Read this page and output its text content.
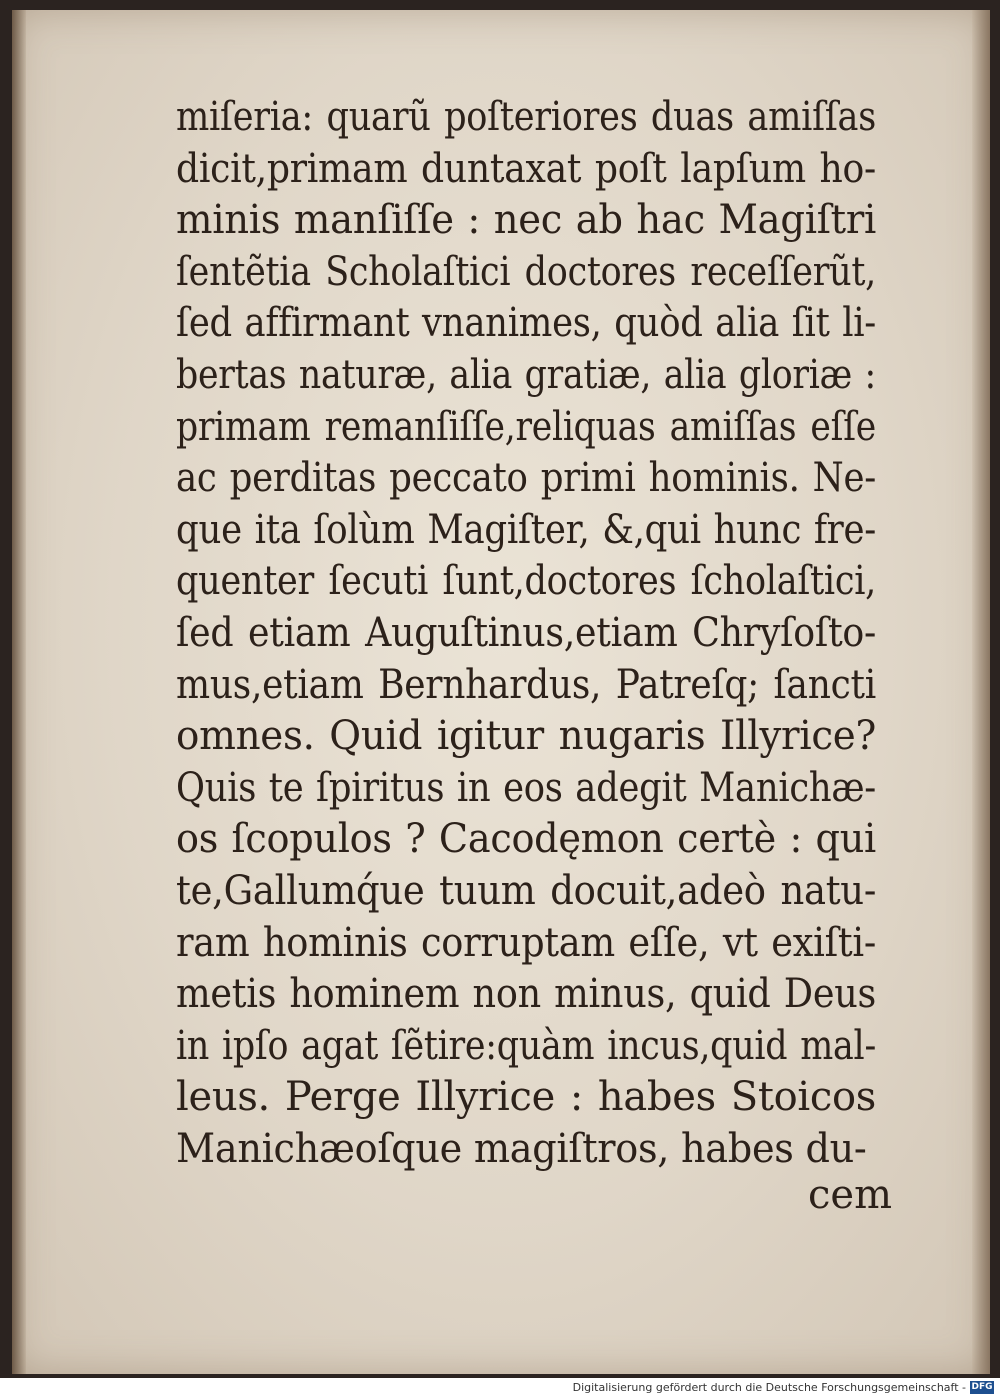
miſeria: quarũ poſteriores duas amiſſas
dicit,primam duntaxat poſt lapſum ho-
minis manſiſſe : nec ab hac Magiſtri
ſentẽtia Scholaſtici doctores receſſerũt,
ſed affirmant vnanimes, quòd alia ſit li-
bertas naturæ, alia gratiæ, alia gloriæ :
primam remanſiſſe,reliquas amiſſas eſſe
ac perditas peccato primi hominis. Ne-
que ita ſolùm Magiſter, &,qui hunc fre-
quenter ſecuti ſunt,doctores ſcholaſtici,
ſed etiam Auguſtinus,etiam Chryſoſto-
mus,etiam Bernhardus, Patreſq; ſancti
omnes. Quid igitur nugaris Illyrice?
Quis te ſpiritus in eos adegit Manichæ-
os ſcopulos ? Cacodęmon certè : qui
te,Gallumq́ue tuum docuit,adeò natu-
ram hominis corruptam eſſe, vt exiſti-
metis hominem non minus, quid Deus
in ipſo agat ſẽtire:quàm incus,quid mal-
leus. Perge Illyrice : habes Stoicos
Manichæoſque magiſtros, habes du-
cem
Digitalisierung gefördert durch die Deutsche Forschungsgemeinschaft - DFG
